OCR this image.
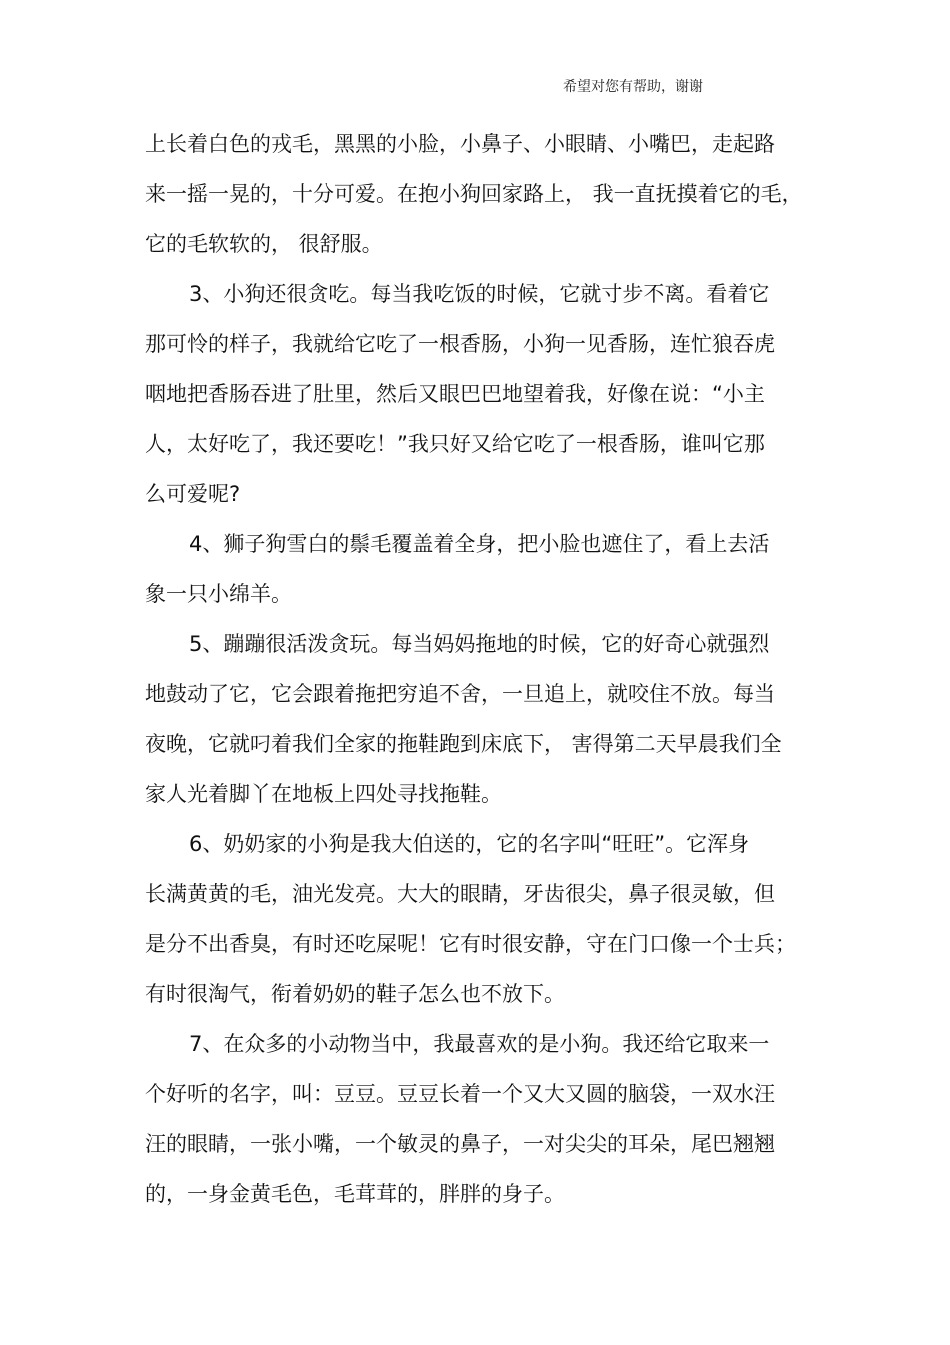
希望对您有帮助，谢谢
上长着白色的戎毛，黑黑的小脸，小鼻子、小眼睛、小嘴巴，走起路
来一摇一晃的，十分可爱。在抱小狗回家路上， 我一直抚摸着它的毛，
它的毛软软的， 很舒服。
3、小狗还很贪吃。每当我吃饭的时候，它就寸步不离。看着它
那可怜的样子，我就给它吃了一根香肠，小狗一见香肠，连忙狼吞虎
咽地把香肠吞进了肚里，然后又眼巴巴地望着我，好像在说：“小主
人，太好吃了，我还要吃！”我只好又给它吃了一根香肠，谁叫它那
么可爱呢?
4、狮子狗雪白的鬃毛覆盖着全身，把小脸也遮住了，看上去活
象一只小绵羊。
5、蹦蹦很活泼贪玩。每当妈妈拖地的时候，它的好奇心就强烈
地鼓动了它，它会跟着拖把穷追不舍，一旦追上，就咬住不放。每当
夜晚，它就叼着我们全家的拖鞋跑到床底下， 害得第二天早晨我们全
家人光着脚丫在地板上四处寻找拖鞋。
6、奶奶家的小狗是我大伯送的，它的名字叫“旺旺”。它浑身
长满黄黄的毛，油光发亮。大大的眼睛，牙齿很尖，鼻子很灵敏，但
是分不出香臭，有时还吃屎呢！它有时很安静，守在门口像一个士兵；
有时很淘气，衔着奶奶的鞋子怎么也不放下。
7、在众多的小动物当中，我最喜欢的是小狗。我还给它取来一
个好听的名字，叫：豆豆。豆豆长着一个又大又圆的脑袋，一双水汪
汪的眼睛，一张小嘴，一个敏灵的鼻子，一对尖尖的耳朵，尾巴翘翘
的，一身金黄毛色，毛茸茸的，胖胖的身子。
